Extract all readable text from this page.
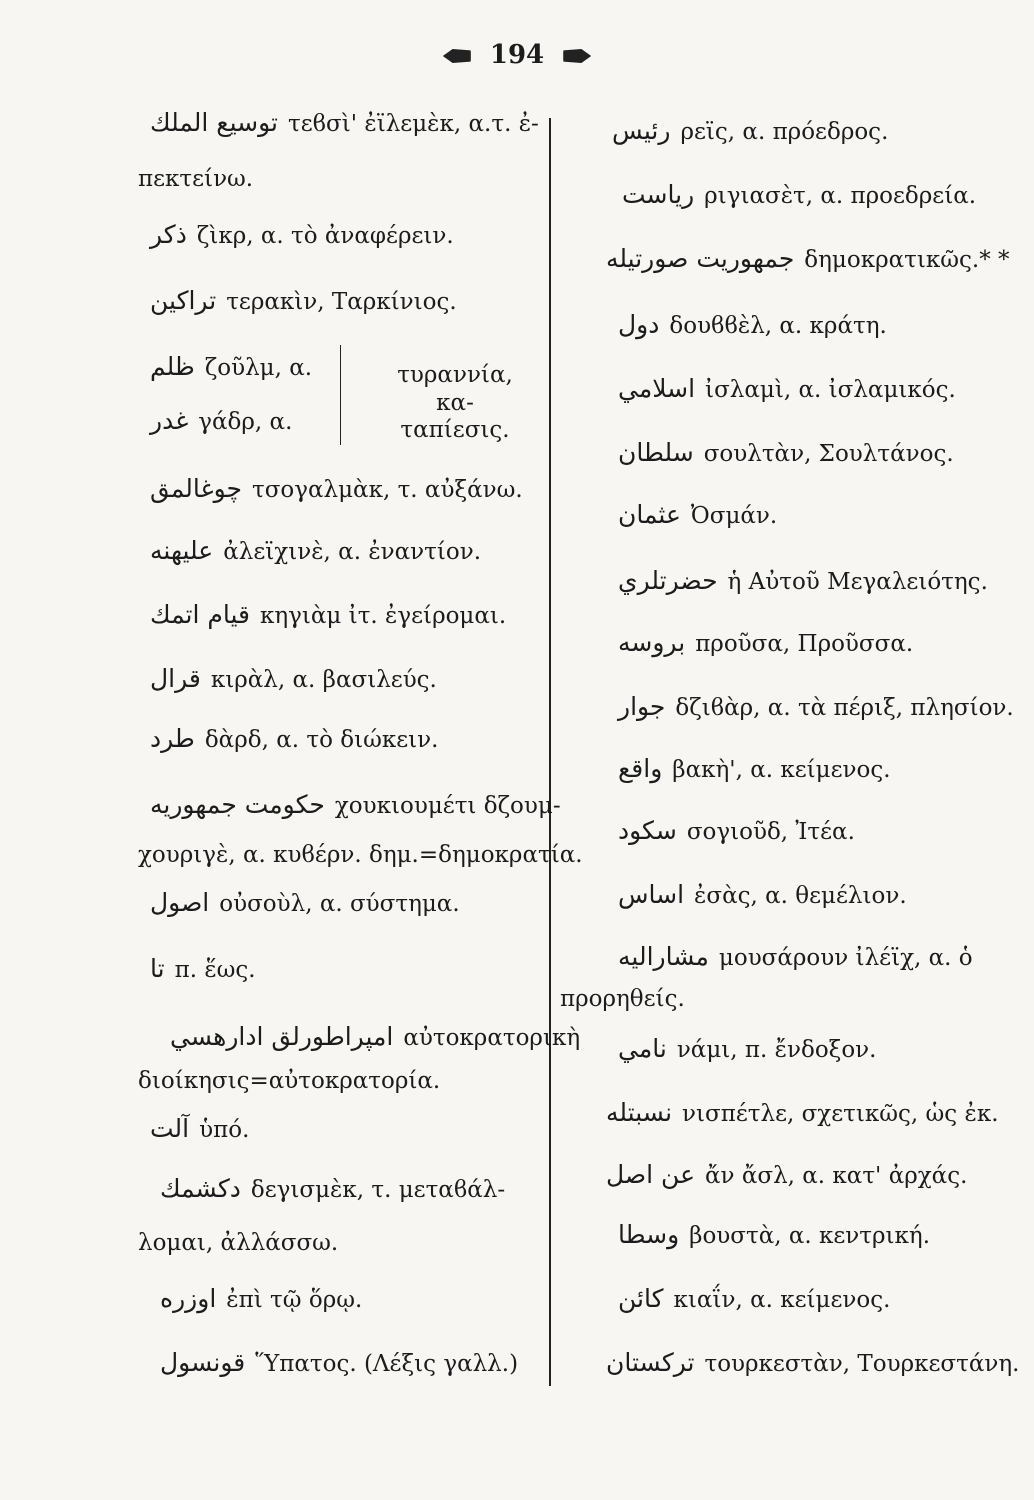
194
توسيع الملك τεϐσὶ' ἐϊλεμὲκ, α.τ. ἐ-
πεκτείνω.
ذكر ζὶκρ, α. τὸ ἀναφέρειν.
تراكين τερακὶν, Ταρκίνιος.
ظلم ζοῦλμ, α.
غدر γάδρ, α.
چوغالمق τσογαλμὰκ, τ. αὐξάνω.
عليهنه ἀλεϊχινὲ, α. ἐναντίον.
قيام اتمك κηγιὰμ ἰτ. ἐγείρομαι.
قرال κιρὰλ, α. βασιλεύς.
طرد δὰρδ, α. τὸ διώκειν.
حكومت جمهوريه χουκιουμέτι δζουμ-
χουριγὲ, α. κυϐέρν. δημ.=δημοκρατία.
اصول οὐσοὺλ, α. σύστημα.
تا π. ἕως.
امپراطورلق ادارهسي αὐτοκρατορικὴ
διοίκησις=αὐτοκρατορία.
آلت ὑπό.
دكشمك δεγισμὲκ, τ. μεταϐάλ-
λομαι, ἀλλάσσω.
اوزره ἐπὶ τῷ ὅρῳ.
قونسول Ὕπατος. (Λέξις γαλλ.)
τυραννία, κα-
ταπίεσις.
رئيس ρεϊς, α. πρόεδρος.
رياست ριγιασὲτ, α. προεδρεία.
جمهوريت صورتيله δημοκρατικῶς.* *
دول δουϐϐὲλ, α. κράτη.
اسلامي ἰσλαμὶ, α. ἰσλαμικός.
سلطان σουλτὰν, Σουλτάνος.
عثمان Ὀσμάν.
حضرتلري ἡ Αὐτοῦ Μεγαλειότης.
بروسه προῦσα, Προῦσσα.
جوار δζιϐὰρ, α. τὰ πέριξ, πλησίον.
واقع βακὴ', α. κείμενος.
سكود σογιοῦδ, Ἰτέα.
اساس ἐσὰς, α. θεμέλιον.
مشاراليه μουσάρουν ἰλέϊχ, α. ὁ
προρηθείς.
نامي νάμι, π. ἔνδοξον.
نسبتله νισπέτλε, σχετικῶς, ὡς ἐκ.
عن اصل ἄν ἄσλ, α. κατ' ἀρχάς.
وسطا βουστὰ, α. κεντρική.
كائن κιαΐν, α. κείμενος.
تركستان τουρκεστὰν, Τουρκεστάνη.
